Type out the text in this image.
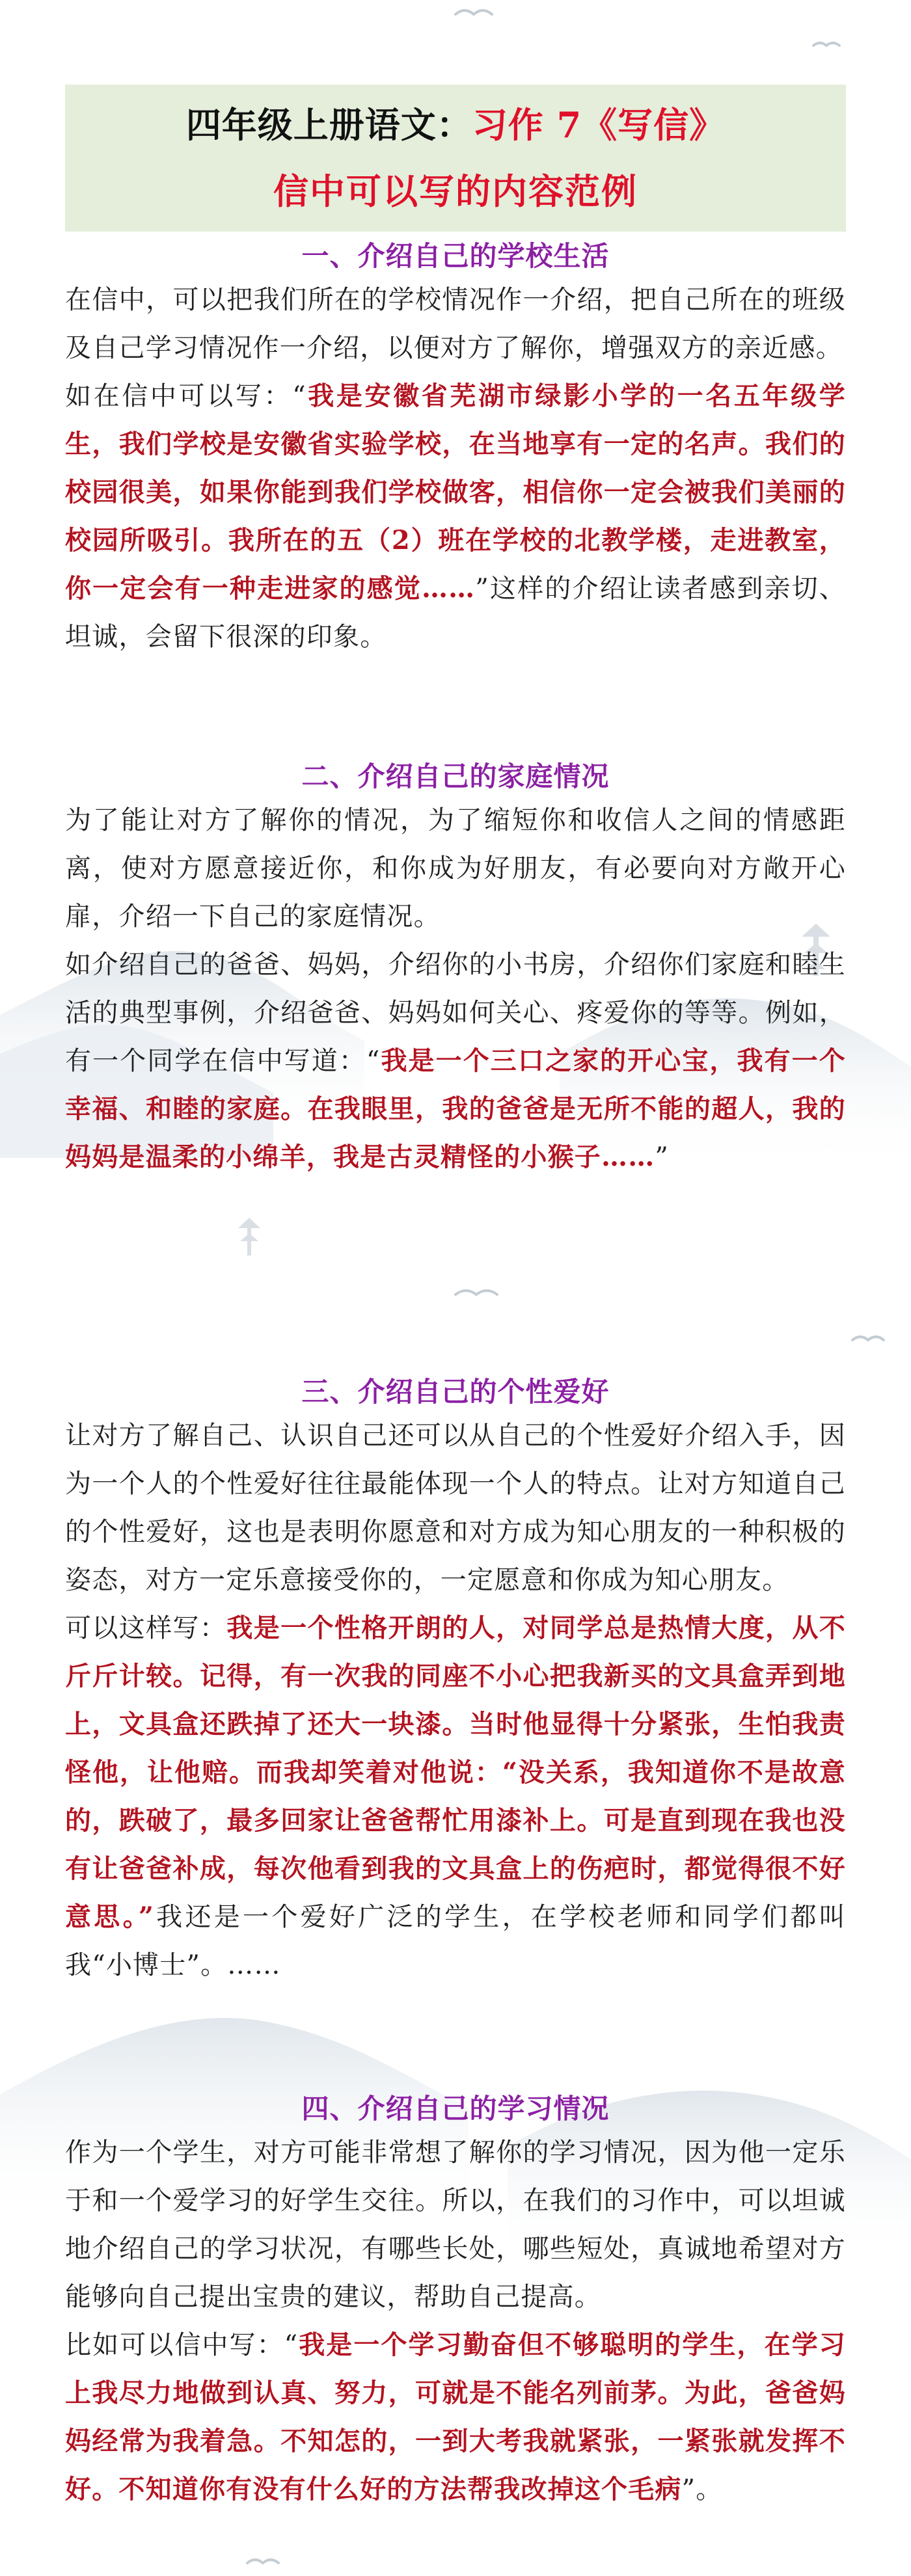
四年级上册语文：习作 7《写信》
信中可以写的内容范例
一、介绍自己的学校生活

在信中，可以把我们所在的学校情况作一介绍，把自己所在的班级及自己学习情况作一介绍，以便对方了解你，增强双方的亲近感。

如在信中可以写：“我是安徽省芜湖市绿影小学的一名五年级学生，我们学校是安徽省实验学校，在当地享有一定的名声。我们的校园很美，如果你能到我们学校做客，相信你一定会被我们美丽的校园所吸引。我所在的五（2）班在学校的北教学楼，走进教室，你一定会有一种走进家的感觉……”这样的介绍让读者感到亲切、坦诚，会留下很深的印象。

二、介绍自己的家庭情况

为了能让对方了解你的情况，为了缩短你和收信人之间的情感距离，使对方愿意接近你，和你成为好朋友，有必要向对方敞开心扉，介绍一下自己的家庭情况。

如介绍自己的爸爸、妈妈，介绍你的小书房，介绍你们家庭和睦生活的典型事例，介绍爸爸、妈妈如何关心、疼爱你的等等。例如，有一个同学在信中写道：“我是一个三口之家的开心宝，我有一个幸福、和睦的家庭。在我眼里，我的爸爸是无所不能的超人，我的妈妈是温柔的小绵羊，我是古灵精怪的小猴子……”

三、介绍自己的个性爱好

让对方了解自己、认识自己还可以从自己的个性爱好介绍入手，因为一个人的个性爱好往往最能体现一个人的特点。让对方知道自己的个性爱好，这也是表明你愿意和对方成为知心朋友的一种积极的姿态，对方一定乐意接受你的，一定愿意和你成为知心朋友。

可以这样写：我是一个性格开朗的人，对同学总是热情大度，从不斤斤计较。记得，有一次我的同座不小心把我新买的文具盒弄到地上，文具盒还跌掉了还大一块漆。当时他显得十分紧张，生怕我责怪他，让他赔。而我却笑着对他说：“没关系，我知道你不是故意的，跌破了，最多回家让爸爸帮忙用漆补上。可是直到现在我也没有让爸爸补成，每次他看到我的文具盒上的伤疤时，都觉得很不好意思。”我还是一个爱好广泛的学生，在学校老师和同学们都叫我“小博士”。……

四、介绍自己的学习情况

作为一个学生，对方可能非常想了解你的学习情况，因为他一定乐于和一个爱学习的好学生交往。所以，在我们的习作中，可以坦诚地介绍自己的学习状况，有哪些长处，哪些短处，真诚地希望对方能够向自己提出宝贵的建议，帮助自己提高。

比如可以信中写：“我是一个学习勤奋但不够聪明的学生，在学习上我尽力地做到认真、努力，可就是不能名列前茅。为此，爸爸妈妈经常为我着急。不知怎的，一到大考我就紧张，一紧张就发挥不好。不知道你有没有什么好的方法帮我改掉这个毛病”。
